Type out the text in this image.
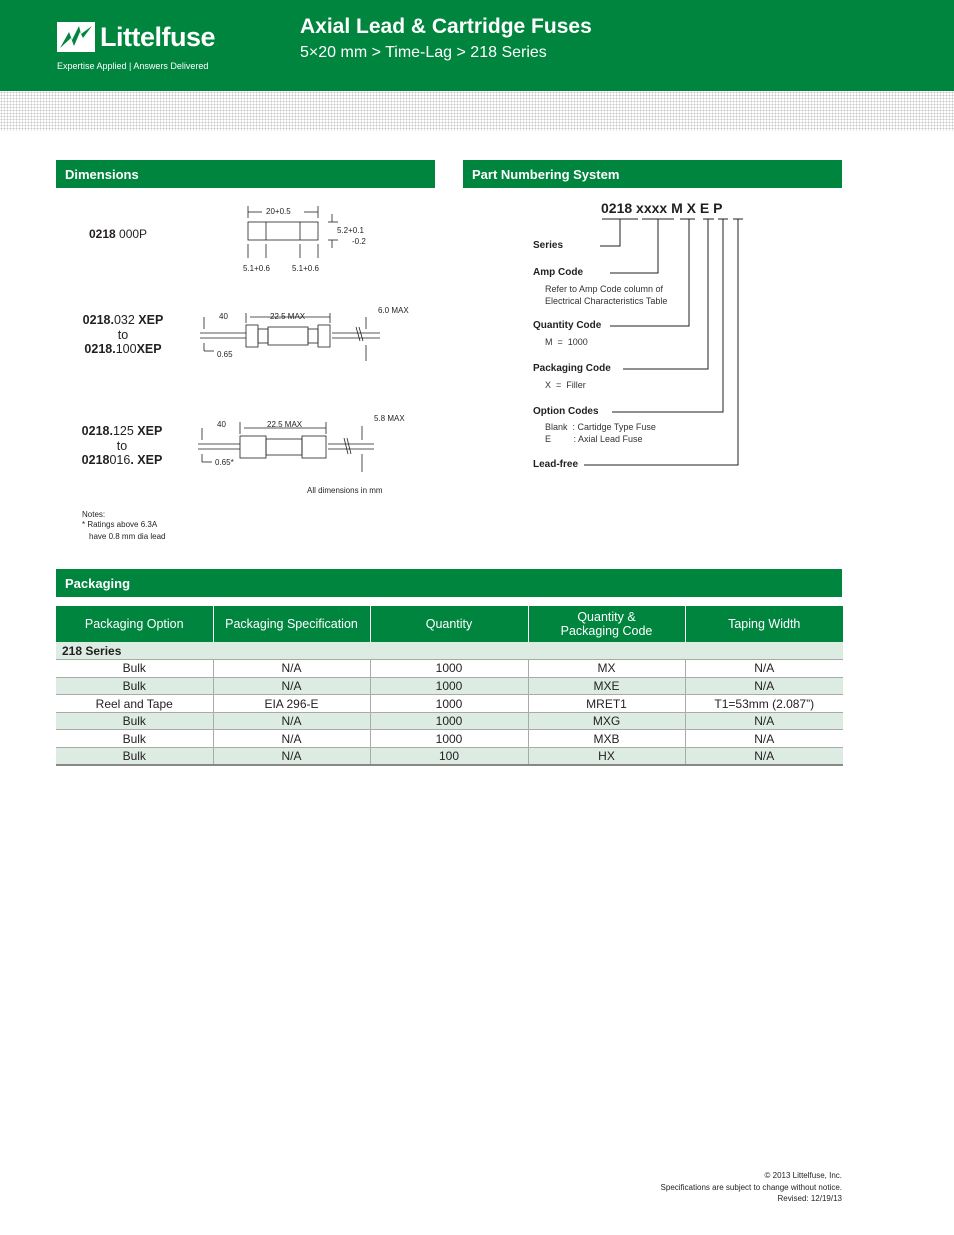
Littelfuse
Expertise Applied | Answers Delivered
Axial Lead & Cartridge Fuses
5×20 mm > Time-Lag > 218 Series
Dimensions
0218 000P
20+0.5
5.2+0.1
-0.2
5.1+0.6	5.1+0.6
0218.032 XEP
to
0218.100XEP
40	22.5 MAX
6.0 MAX
0.65
0218.125 XEP
to
0218016. XEP
40	22.5 MAX
5.8 MAX
0.65*
All dimensions in mm
Notes:
* Ratings above 6.3A
have 0.8 mm dia lead
Part Numbering System
0218 xxxx M X E P
Series
Amp Code
Refer to Amp Code column of
Electrical Characteristics Table
Quantity Code
M  =  1000
Packaging Code
X  =  Filler
Option Codes
Blank  : Cartidge Type Fuse
E         : Axial Lead Fuse
Lead-free
Packaging
Packaging Option	Packaging Specification	Quantity	Quantity &
Packaging Code	Taping Width
218 Series				
Bulk	N/A	1000	MX	N/A
Bulk	N/A	1000	MXE	N/A
Reel and Tape	EIA 296-E	1000	MRET1	T1=53mm (2.087”)
Bulk	N/A	1000	MXG	N/A
Bulk	N/A	1000	MXB	N/A
Bulk	N/A	100	HX	N/A
© 2013 Littelfuse, Inc.
Specifications are subject to change without notice.
Revised: 12/19/13
